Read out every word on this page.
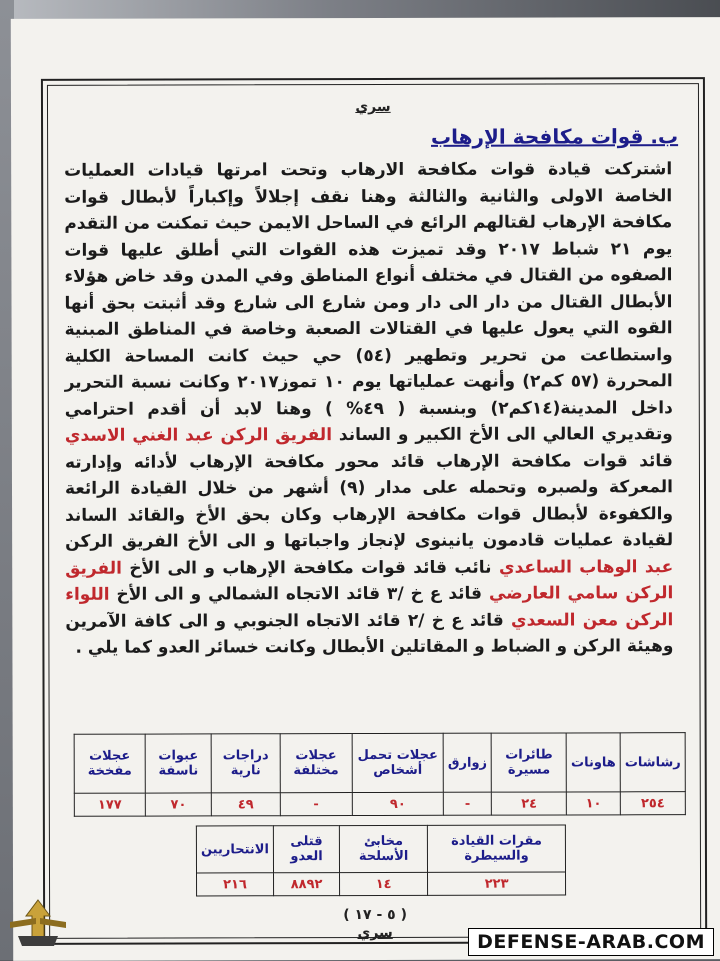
سري
ب. قوات مكافحة الإرهاب
اشتركت قيادة قوات مكافحة الارهاب وتحت امرتها قيادات العمليات الخاصة الاولى والثانية والثالثة وهنا نقف إجلالاً وإكباراً لأبطال قوات مكافحة الإرهاب لقتالهم الرائع في الساحل الايمن حيث تمكنت من التقدم يوم ٢١ شباط ٢٠١٧ وقد تميزت هذه القوات التي أطلق عليها قوات الصفوه من القتال في مختلف أنواع المناطق وفي المدن وقد خاض هؤلاء الأبطال القتال من دار الى دار ومن شارع الى شارع وقد أثبتت بحق أنها القوه التي يعول عليها في القتالات الصعبة وخاصة في المناطق المبنية واستطاعت من تحرير وتطهير (٥٤) حي حيث كانت المساحة الكلية المحررة (٥٧ كم٢) وأنهت عملياتها يوم ١٠ تموز٢٠١٧ وكانت نسبة التحرير داخل المدينة(١٤كم٢) وبنسبة ( ٤٩% ) وهنا لابد أن أقدم احترامي وتقديري العالي الى الأخ الكبير و الساند الفريق الركن عبد الغني الاسدي قائد قوات مكافحة الإرهاب قائد محور مكافحة الإرهاب لأدائه وإدارته المعركة ولصبره وتحمله على مدار (٩) أشهر من خلال القيادة الرائعة والكفوءة لأبطال قوات مكافحة الإرهاب وكان بحق الأخ والقائد الساند لقيادة عمليات قادمون يانينوى لإنجاز واجباتها و الى الأخ الفريق الركن عبد الوهاب الساعدي نائب قائد قوات مكافحة الإرهاب و الى الأخ الفريق الركن سامي العارضي قائد ع خ /٣ قائد الاتجاه الشمالي و الى الأخ اللواء الركن معن السعدي قائد ع خ /٢ قائد الاتجاه الجنوبي و الى كافة الآمرين وهيئة الركن و الضباط و المقاتلين الأبطال وكانت خسائر العدو كما يلي .
رشاشات	هاونات	طائرات مسيرة	زوارق	عجلات تحمل أشخاص	عجلات مختلفة	دراجات نارية	عبوات ناسفة	عجلات مفخخة
٢٥٤	١٠	٢٤	-	٩٠	-	٤٩	٧٠	١٧٧
مقرات القيادة والسيطرة	مخابئ الأسلحة	قتلى العدو	الانتحاريين
٢٢٣	١٤	٨٨٩٢	٢١٦
( ٥ - ١٧ )
سري	DEFENSE-ARAB.COM
